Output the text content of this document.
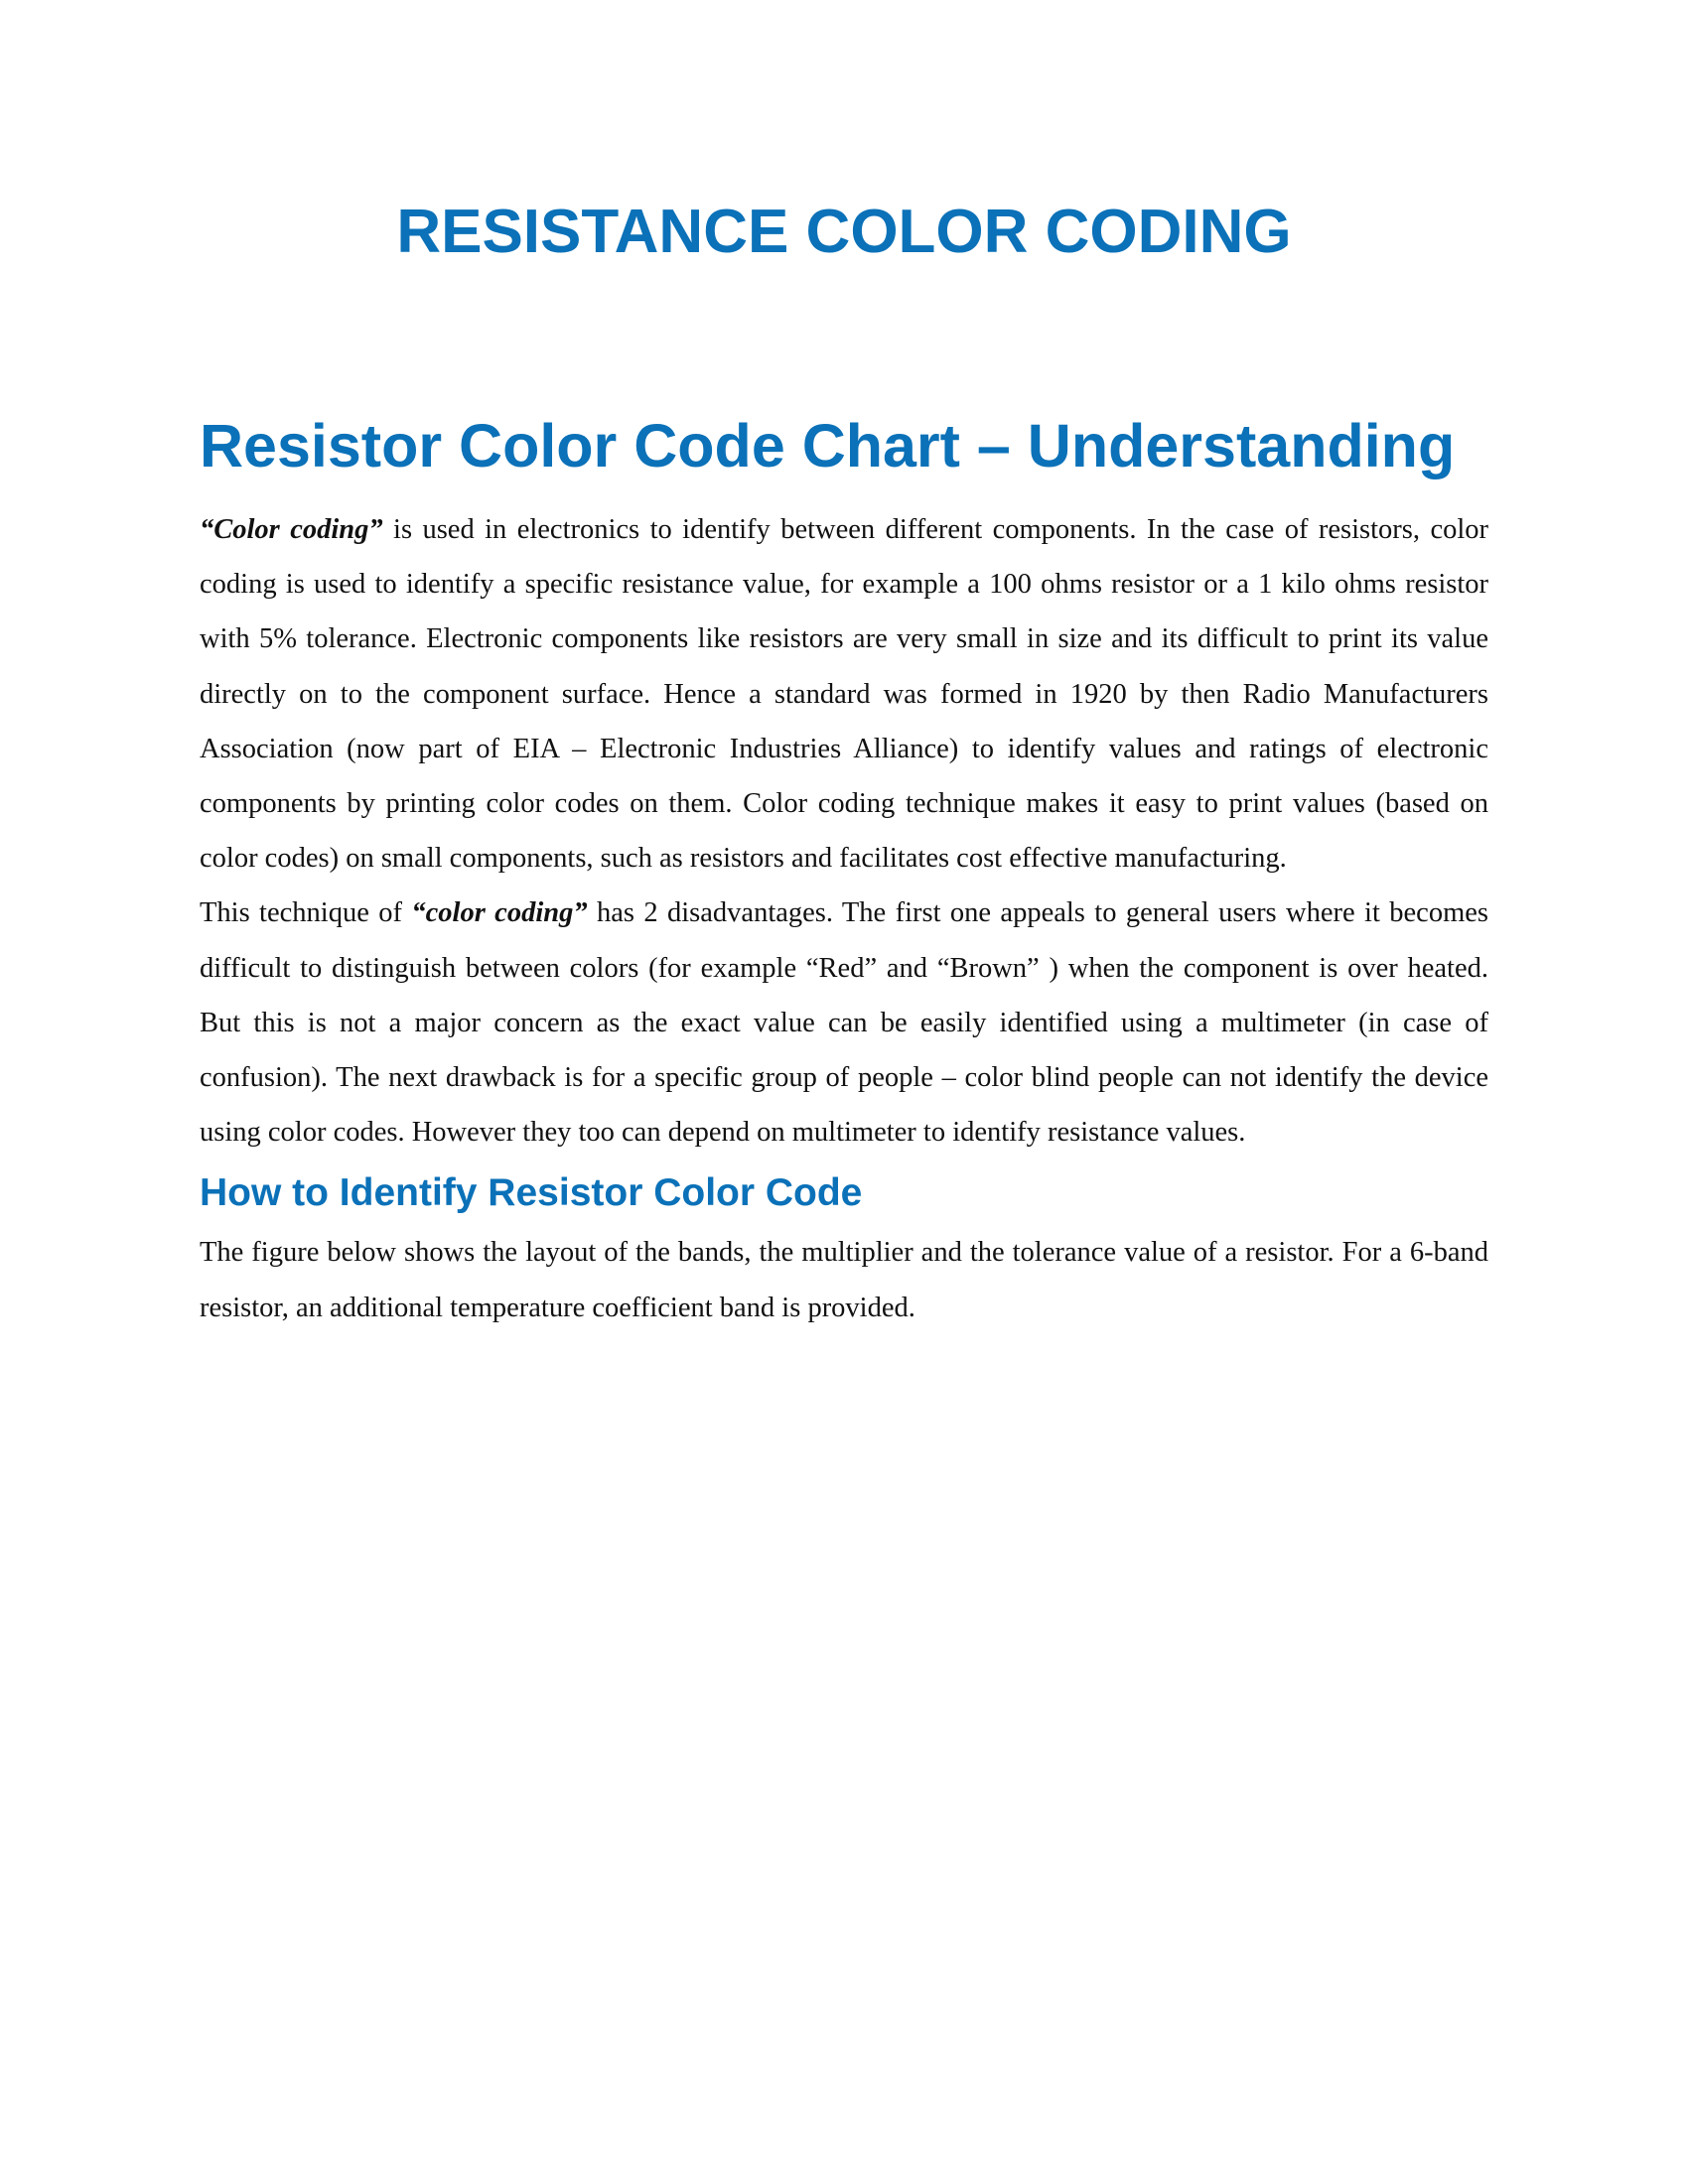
RESISTANCE COLOR CODING
Resistor Color Code Chart – Understanding

“Color coding” is used in electronics to identify between different components. In the case of resistors, color coding is used to identify a specific resistance value, for example a 100 ohms resistor or a 1 kilo ohms resistor with 5% tolerance. Electronic components like resistors are very small in size and its difficult to print its value directly on to the component surface. Hence a standard was formed in 1920 by then Radio Manufacturers Association (now part of EIA – Electronic Industries Alliance) to identify values and ratings of electronic components by printing color codes on them. Color coding technique makes it easy to print values (based on color codes) on small components, such as resistors and facilitates cost effective manufacturing.

This technique of “color coding” has 2 disadvantages. The first one appeals to general users where it becomes difficult to distinguish between colors (for example “Red” and “Brown” ) when the component is over heated. But this is not a major concern as the exact value can be easily identified using a multimeter (in case of confusion). The next drawback is for a specific group of people – color blind people can not identify the device using color codes. However they too can depend on multimeter to identify resistance values.

How to Identify Resistor Color Code

The figure below shows the layout of the bands, the multiplier and the tolerance value of a resistor. For a 6-band resistor, an additional temperature coefficient band is provided.
